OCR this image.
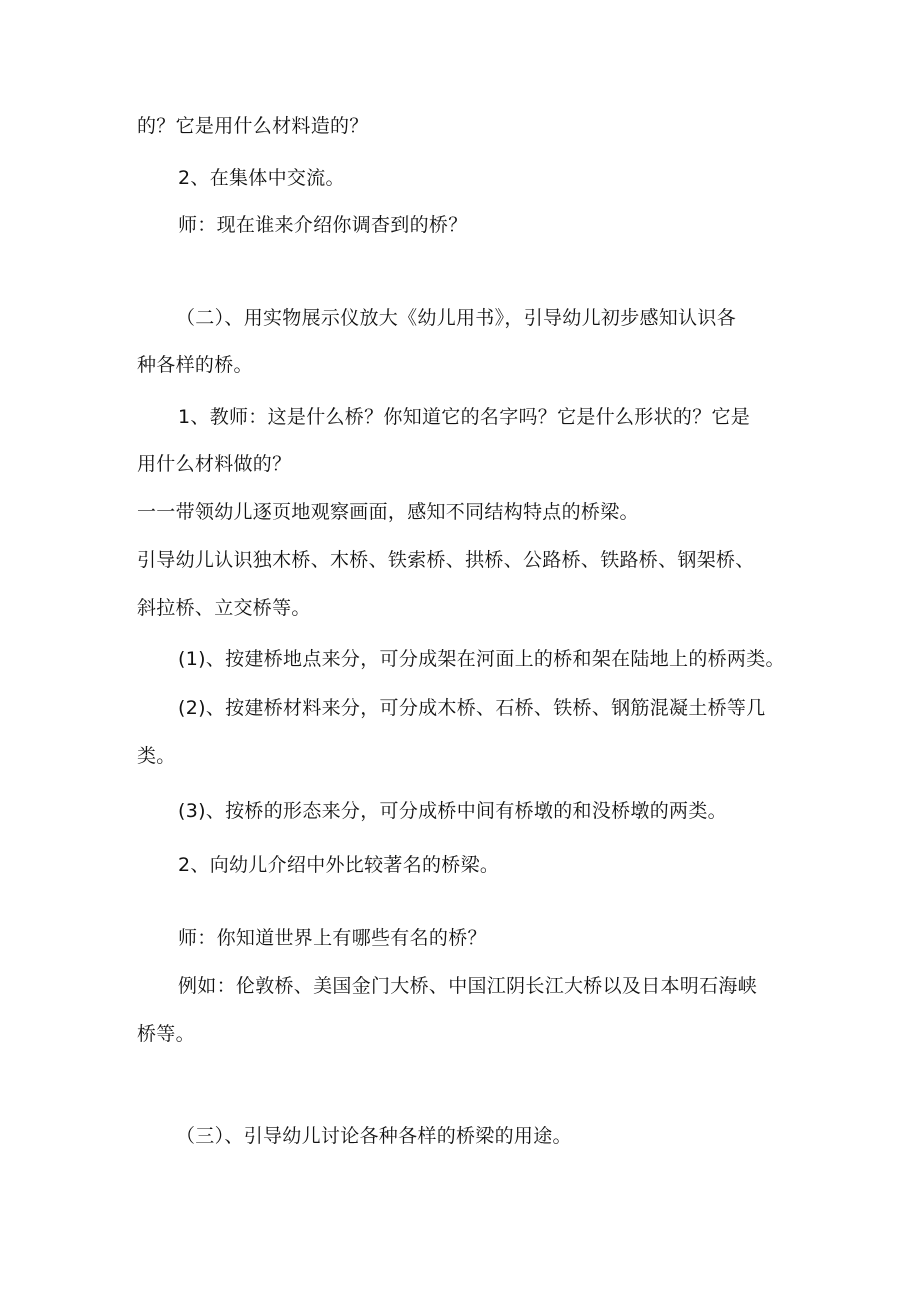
的？它是用什么材料造的？
2、在集体中交流。
师：现在谁来介绍你调杳到的桥？
（二）、用实物展示仪放大《幼儿用书》，引导幼儿初步感知认识各
种各样的桥。
1、教师：这是什么桥？你知道它的名字吗？它是什么形状的？它是
用什么材料做的？
一一带领幼儿逐页地观察画面，感知不同结构特点的桥梁。
引导幼儿认识独木桥、木桥、铁索桥、拱桥、公路桥、铁路桥、钢架桥、
斜拉桥、立交桥等。
(1)、按建桥地点来分，可分成架在河面上的桥和架在陆地上的桥两类。
(2)、按建桥材料来分，可分成木桥、石桥、铁桥、钢筋混凝土桥等几
类。
(3)、按桥的形态来分，可分成桥中间有桥墩的和没桥墩的两类。
2、向幼儿介绍中外比较著名的桥梁。
师：你知道世界上有哪些有名的桥？
例如：伦敦桥、美国金门大桥、中国江阴长江大桥以及日本明石海峡
桥等。
（三）、引导幼儿讨论各种各样的桥梁的用途。
